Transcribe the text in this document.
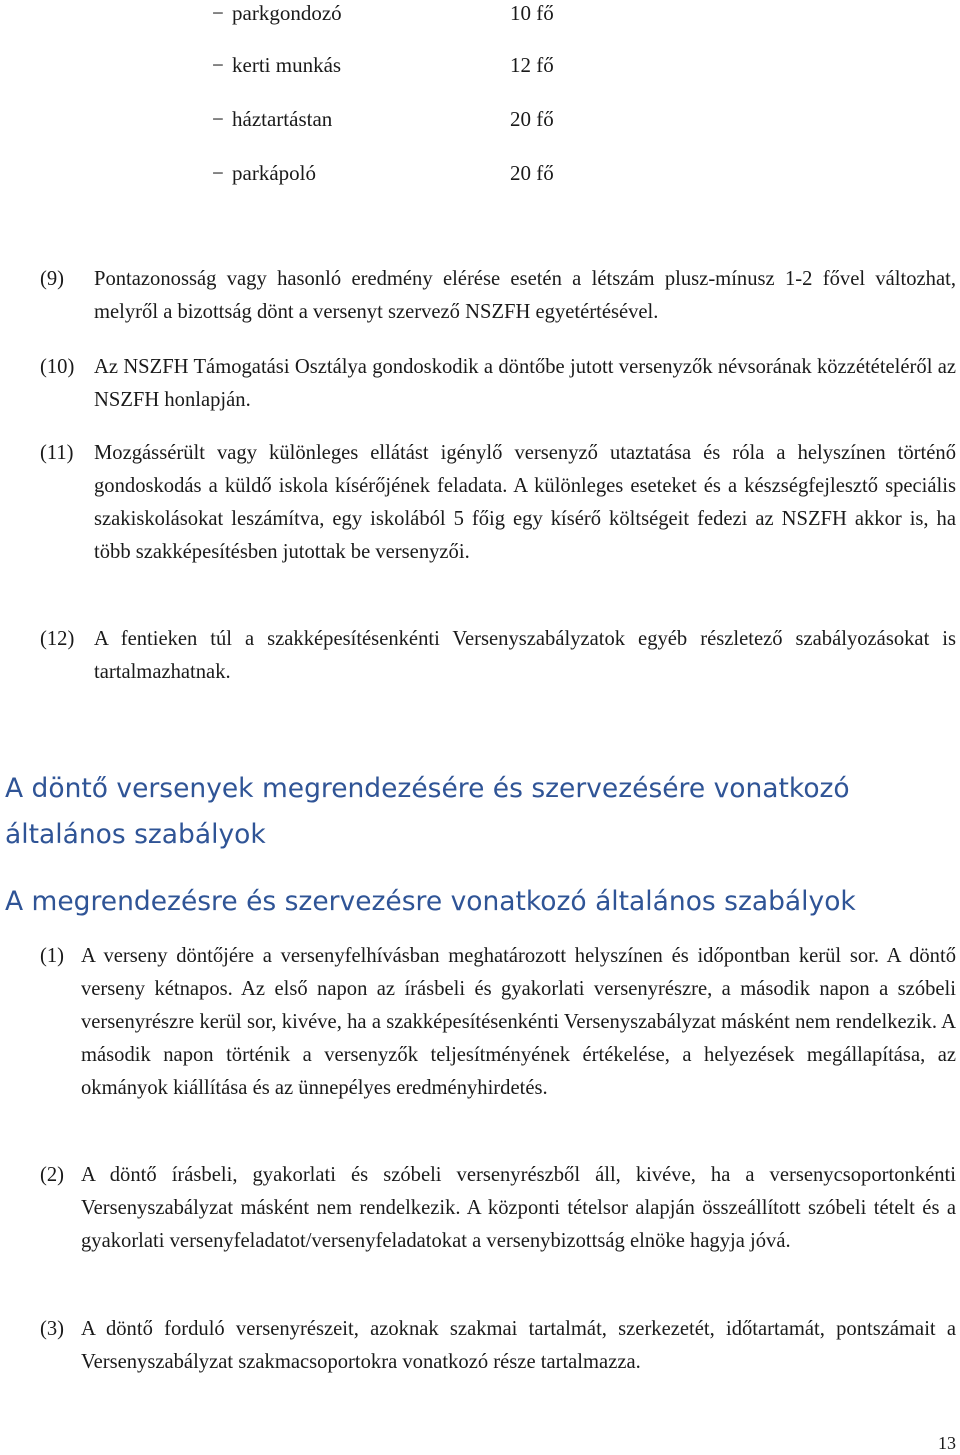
− parkgondozó	10 fő
− kerti munkás	12 fő
− háztartástan	20 fő
− parkápoló	20 fő
(9) Pontazonosság vagy hasonló eredmény elérése esetén a létszám plusz-mínusz 1-2 fővel változhat, melyről a bizottság dönt a versenyt szervező NSZFH egyetértésével.
(10) Az NSZFH Támogatási Osztálya gondoskodik a döntőbe jutott versenyzők névsorának közzétételéről az NSZFH honlapján.
(11) Mozgássérült vagy különleges ellátást igénylő versenyző utaztatása és róla a helyszínen történő gondoskodás a küldő iskola kísérőjének feladata. A különleges eseteket és a készségfejlesztő speciális szakiskolásokat leszámítva, egy iskolából 5 főig egy kísérő költségeit fedezi az NSZFH akkor is, ha több szakképesítésben jutottak be versenyzői.
(12) A fentieken túl a szakképesítésenkénti Versenyszabályzatok egyéb részletező szabályozásokat is tartalmazhatnak.
A döntő versenyek megrendezésére és szervezésére vonatkozó általános szabályok
A megrendezésre és szervezésre vonatkozó általános szabályok
(1) A verseny döntőjére a versenyfelhívásban meghatározott helyszínen és időpontban kerül sor. A döntő verseny kétnapos. Az első napon az írásbeli és gyakorlati versenyrészre, a második napon a szóbeli versenyrészre kerül sor, kivéve, ha a szakképesítésenkénti Versenyszabályzat másként nem rendelkezik. A második napon történik a versenyzők teljesítményének értékelése, a helyezések megállapítása, az okmányok kiállítása és az ünnepélyes eredményhirdetés.
(2) A döntő írásbeli, gyakorlati és szóbeli versenyrészből áll, kivéve, ha a versenycsoportonkénti Versenyszabályzat másként nem rendelkezik. A központi tételsor alapján összeállított szóbeli tételt és a gyakorlati versenyfeladatot/versenyfeladatokat a versenybizottság elnöke hagyja jóvá.
(3) A döntő forduló versenyrészeit, azoknak szakmai tartalmát, szerkezetét, időtartamát, pontszámait a Versenyszabályzat szakmacsoportokra vonatkozó része tartalmazza.
13
